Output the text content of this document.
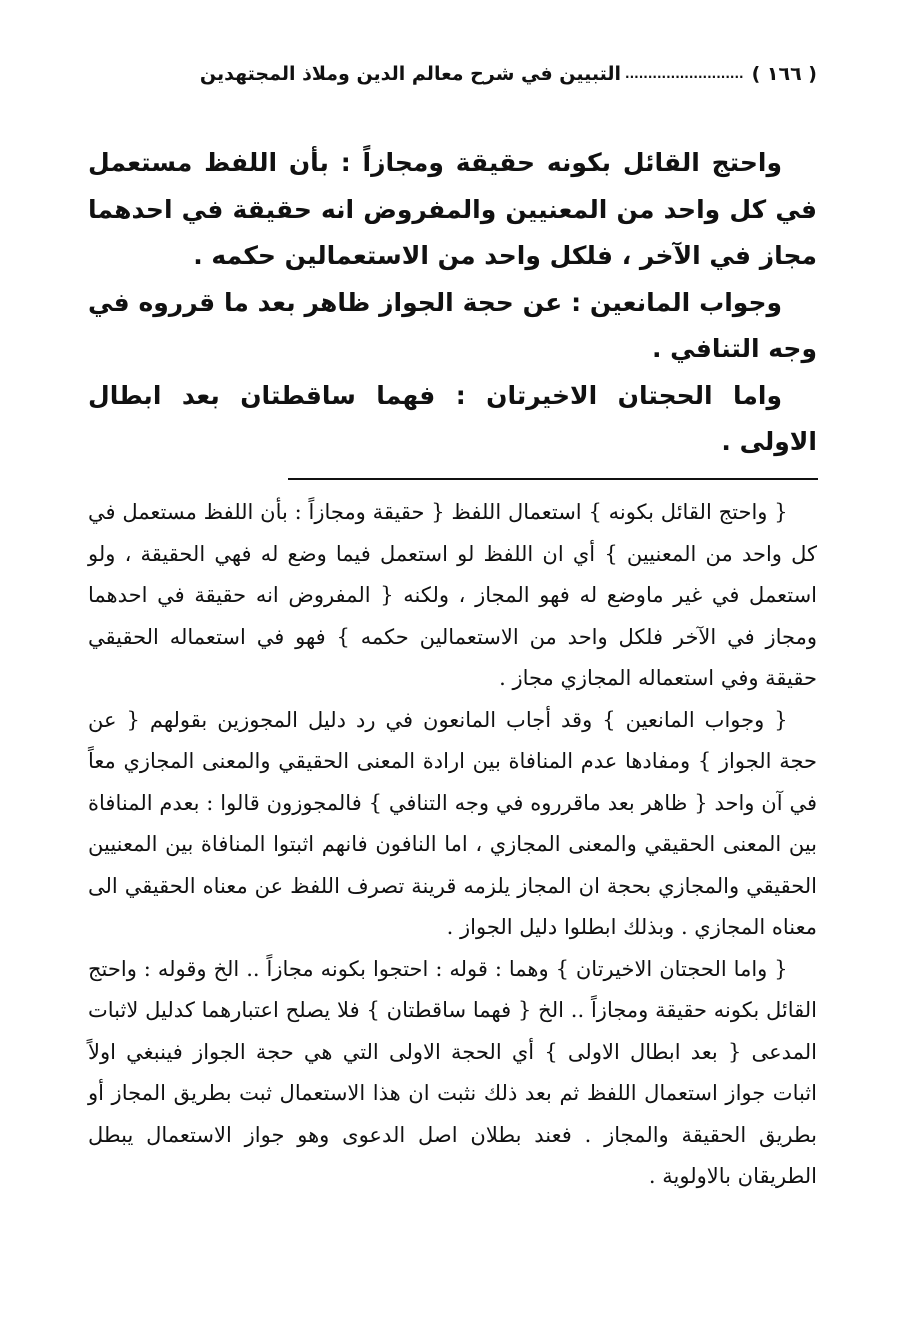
( ١٦٦ )
..........................
التبيين في شرح معالم الدين وملاذ المجتهدين

واحتج القائل بكونه حقيقة ومجازاً : بأن اللفظ مستعمل في كل واحد من المعنيين والمفروض انه حقيقة في احدهما مجاز في الآخر ، فلكل واحد من الاستعمالين حكمه .

وجواب المانعين : عن حجة الجواز ظاهر بعد ما قرروه في وجه التنافي .

واما الحجتان الاخيرتان : فهما ساقطتان بعد ابطال الاولى .

{ واحتج القائل بكونه } استعمال اللفظ { حقيقة ومجازاً : بأن اللفظ مستعمل في كل واحد من المعنيين } أي ان اللفظ لو استعمل فيما وضع له فهي الحقيقة ، ولو استعمل في غير ماوضع له فهو المجاز ، ولكنه { المفروض انه حقيقة في احدهما ومجاز في الآخر فلكل واحد من الاستعمالين حكمه } فهو في استعماله الحقيقي حقيقة وفي استعماله المجازي مجاز .

{ وجواب المانعين } وقد أجاب المانعون في رد دليل المجوزين بقولهم { عن حجة الجواز } ومفادها عدم المنافاة بين ارادة المعنى الحقيقي والمعنى المجازي معاً في آن واحد { ظاهر بعد ماقرروه في وجه التنافي } فالمجوزون قالوا : بعدم المنافاة بين المعنى الحقيقي والمعنى المجازي ، اما النافون فانهم اثبتوا المنافاة بين المعنيين الحقيقي والمجازي بحجة ان المجاز يلزمه قرينة تصرف اللفظ عن معناه الحقيقي الى معناه المجازي . وبذلك ابطلوا دليل الجواز .

{ واما الحجتان الاخيرتان } وهما : قوله : احتجوا بكونه مجازاً .. الخ وقوله : واحتج القائل بكونه حقيقة ومجازاً .. الخ { فهما ساقطتان } فلا يصلح اعتبارهما كدليل لاثبات المدعى { بعد ابطال الاولى } أي الحجة الاولى التي هي حجة الجواز فينبغي اولاً اثبات جواز استعمال اللفظ ثم بعد ذلك نثبت ان هذا الاستعمال ثبت بطريق المجاز أو بطريق الحقيقة والمجاز . فعند بطلان اصل الدعوى وهو جواز الاستعمال يبطل الطريقان بالاولوية .
